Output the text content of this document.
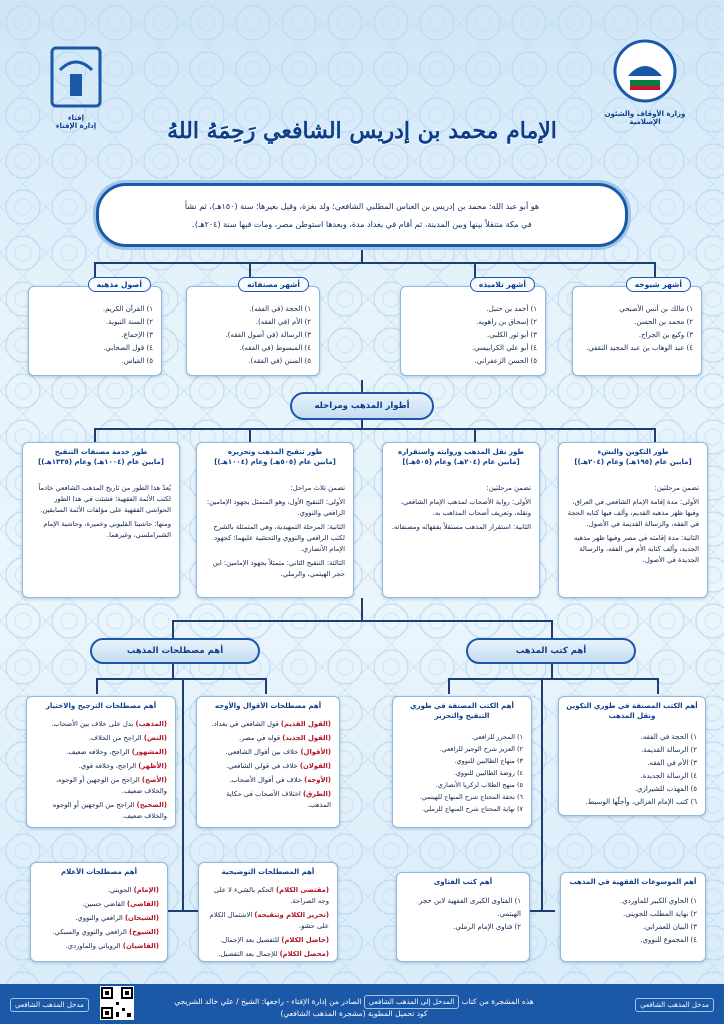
إفتاء
إدارة الإفتاء
وزارة الأوقاف والشئون الإسلامية
الإمام محمد بن إدريس الشافعي رَحِمَهُ اللهُ
هو أبو عبد الله: محمد بن إدريس بن العباس المطلبي الشافعي؛ ولد بغزة، وقيل بغيرها؛ سنة (١٥٠هـ)، ثم نشأ
في مكة متنقلاً بينها وبين المدينة، ثم أقام في بغداد مدة، وبعدها استوطن مصر، ومات فيها سنة (٢٠٤هـ).
أشهر شيوخه
١) مالك بن أنس الأصبحي
٢) محمد بن الحسن.
٣) وكيع بن الجراح.
٤) عبد الوهاب بن عبد المجيد الثقفي.
أشهر تلاميذه
١) أحمد بن حنبل.
٢) إسحاق بن راهويه.
٣) أبو ثور الكلبي.
٤) أبو علي الكرابيسي.
٥) الحسن الزعفراني.
أشهر مصنفاته
١) الحجة (في الفقه).
٢) الأم (في الفقه).
٣) الرسالة (في أصول الفقه).
٤) المبسوط (في الفقه).
٥) السنن (في الفقه).
أصول مذهبه
١) القرآن الكريم.
٢) السنة النبوية.
٣) الإجماع.
٤) قول الصحابي.
٥) القياس.
أطوار المذهب ومراحله
طور التكوين والنشء
[مابين عام (١٩٥هـ) وعام (٢٠٤هـ)]

تضمن مرحلتين:

الأولى: مدة إقامة الإمام الشافعي في العراق، وفيها ظهر مذهبه القديم، وألف فيها كتابه الحجة في الفقه، والرسالة القديمة في الأصول.

الثانية: مدة إقامته في مصر وفيها ظهر مذهبه الجديد، وألف كتابه الأم في الفقه، والرسالة الجديدة في الأصول.

طور نقل المذهب وروايته واستقراره
[مابين عام (٢٠٤هـ) وعام (٥٠٥هـ)]

تضمن مرحلتين:

الأولى: رواية الأصحاب لمذهب الإمام الشافعي، ونقله، وتعريف أصحاب المذاهب به.

الثانية: استقرار المذهب مستقلاً بفقهائه ومصنفاته.

طور تنقيح المذهب وتحريره
[مابين عام (٥٠٥هـ) وعام (١٠٠٤هـ)]

تضمن ثلاث مراحل:

الأولى: التنقيح الأول، وهو المتمثل بجهود الإمامين: الرافعي والنووي.

الثانية: المرحلة التمهيدية، وهي المتمثلة بالشرح لكتب الرافعي والنووي والتحشية عليهما؛ كجهود الإمام الأنصاري.

الثالثة: التنقيح الثاني: متمثلاً بجهود الإمامين: ابن حجر الهيتمي، والرملي.

طور خدمة مصنفات التنقيح
[مابين عام (١٠٠٤هـ) وعام (١٣٣٥هـ)]

يُعدّ هذا الطور من تاريخ المذهب الشافعي خادماً لكتب الأئمة الفقهية؛ فشثت في هذا الطور الحواشي الفقهية على مؤلفات الأئمة السابقين.

ومنها: حاشيتا القليوبي وعميرة، وحاشية الإمام الشبراملسي، وغيرهما.

أهم كتب المذهب
أهم مصطلحات المذهب
أهم الكتب المصنفة في طوري التكوين ونقل المذهب
١) الحجة في الفقه.
٢) الرسالة القديمة.
٣) الأم في الفقه.
٤) الرسالة الجديدة.
٥) المهذب للشيرازي.
٦) كتب الإمام الغزالي، وأجلّها الوسيط.
أهم الكتب المصنفة في طوري التنقيح والتحرير
١) المحرر للرافعي.
٢) العزيز شرح الوجيز للرافعي.
٣) منهاج الطالبين للنووي.
٤) روضة الطالبين للنووي.
٥) منهج الطلاب لزكريا الأنصاري.
٦) تحفة المحتاج شرح المنهاج للهيتمي.
٧) نهاية المحتاج شرح المنهاج للرملي.
أهم الموسوعات الفقهية في المذهب
١) الحاوي الكبير للماوردي.
٢) نهاية المطلب للجويني.
٣) البيان للعمراني.
٤) المجموع للنووي.
أهم كتب الفتاوى
١) الفتاوى الكبرى الفقهية لابن حجر الهيتمي.
٢) فتاوى الإمام الرملي.
أهم مصطلحات الأقوال والأوجه

(القول القديم) قول الشافعي في بغداد.

(القول الجديد) قوله في مصر.

(الأقوال) خلاف بين أقوال الشافعي.

(القولان) خلاف في قولي الشافعي.

(الأوجه) خلاف في أقوال الأصحاب.

(الطرق) اختلاف الأصحاب في حكاية المذهب.

أهم مصطلحات الترجيح والاختيار

(المذهب) بدل على خلاف بين الأصحاب.

(النص) الراجح من الخلاف.

(المشهور) الراجح، وخلافه ضعيف.

(الأظهر) الراجح، وخلافه قوي.

(الأصح) الراجح من الوجهين أو الوجوه، والخلاف ضعيف.

(الصحيح) الراجح من الوجهين أو الوجوه والخلاف ضعيف.

أهم المصطلحات التوضيحية

(مقتضى الكلام) الحكم بالشيء لا على وجه الصراحة.

(تحرير الكلام وتنقيحه) الاشتمال الكلام على حشو.

(حاصل الكلام) للتفصيل بعد الإجمال.

(محصل الكلام) للإجمال بعد التفصيل.

أهم مصطلحات الأعلام

(الإمام) الجويني.

(القاضي) القاضي حسين.

(الشيخان) الرافعي والنووي.

(الشيوخ) الرافعي والنووي والسبكي.

(القاضيان) الروياني والماوردي.

مدخل المذهب الشافعي
مدخل المذهب الشافعي	هذه المشجرة من كتاب المدخل إلى المذهب الشافعي الصادر من إدارة الإفتاء - راجعها: الشيخ / علي خالد الشريجي
كود تحميل المطوية (مشجرة المذهب الشافعي)
